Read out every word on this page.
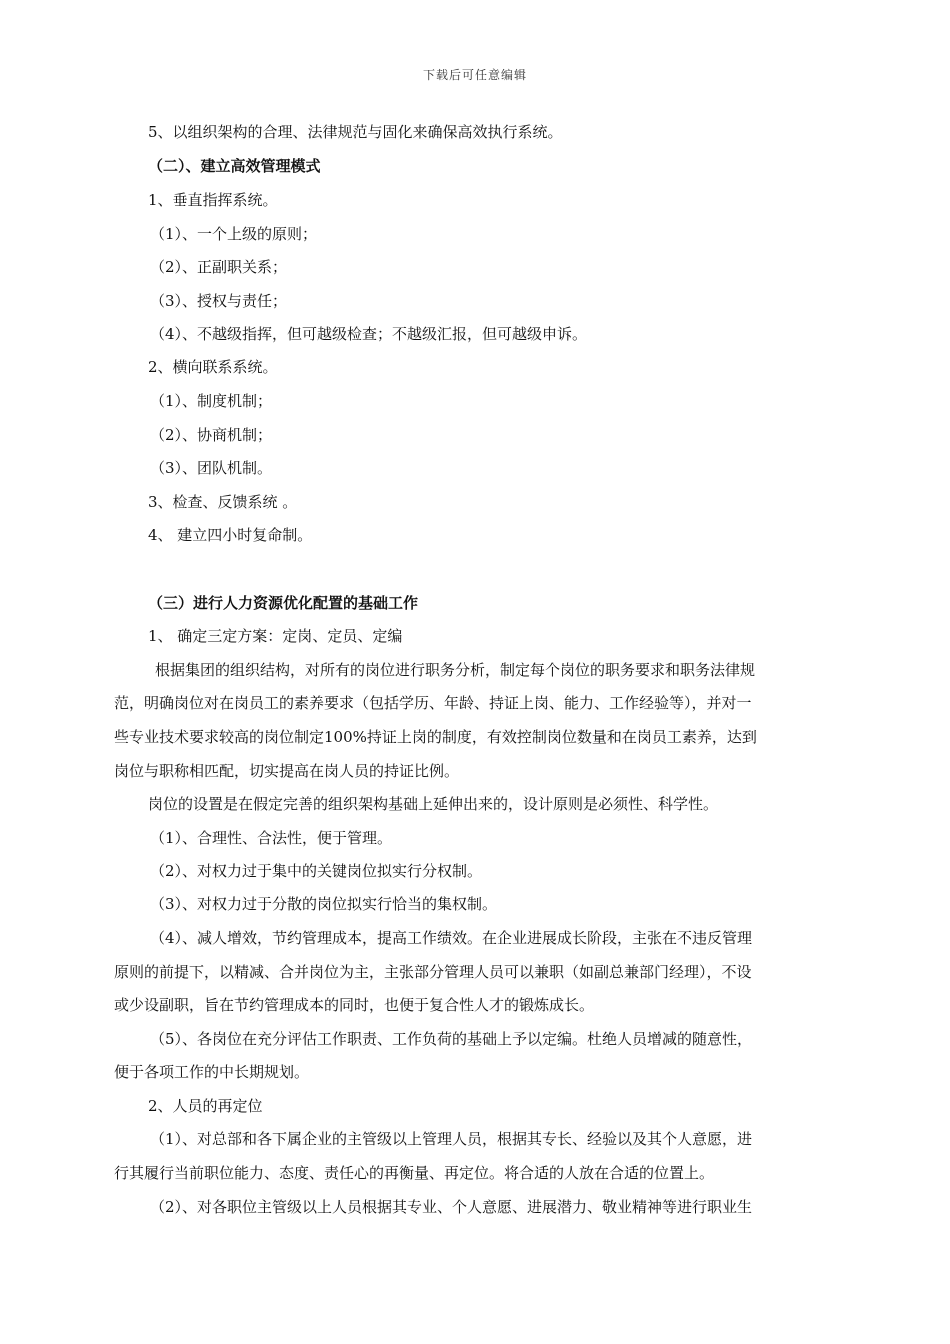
下载后可任意编辑
5、以组织架构的合理、法律规范与固化来确保高效执行系统。
（二）、建立高效管理模式
1、垂直指挥系统。
（1）、一个上级的原则；
（2）、正副职关系；
（3）、授权与责任；
（4）、不越级指挥，但可越级检查；不越级汇报，但可越级申诉。
2、横向联系系统。
（1）、制度机制；
（2）、协商机制；
（3）、团队机制。
3、检查、反馈系统 。
4、 建立四小时复命制。
（三）进行人力资源优化配置的基础工作
1、 确定三定方案：定岗、定员、定编
根据集团的组织结构，对所有的岗位进行职务分析，制定每个岗位的职务要求和职务法律规
范，明确岗位对在岗员工的素养要求（包括学历、年龄、持证上岗、能力、工作经验等），并对一
些专业技术要求较高的岗位制定100%持证上岗的制度，有效控制岗位数量和在岗员工素养，达到
岗位与职称相匹配，切实提高在岗人员的持证比例。
岗位的设置是在假定完善的组织架构基础上延伸出来的，设计原则是必须性、科学性。
（1）、合理性、合法性，便于管理。
（2）、对权力过于集中的关键岗位拟实行分权制。
（3）、对权力过于分散的岗位拟实行恰当的集权制。
（4）、减人增效，节约管理成本，提高工作绩效。在企业进展成长阶段，主张在不违反管理
原则的前提下，以精减、合并岗位为主，主张部分管理人员可以兼职（如副总兼部门经理），不设
或少设副职，旨在节约管理成本的同时，也便于复合性人才的锻炼成长。
（5）、各岗位在充分评估工作职责、工作负荷的基础上予以定编。杜绝人员增减的随意性，
便于各项工作的中长期规划。
2、人员的再定位
（1）、对总部和各下属企业的主管级以上管理人员，根据其专长、经验以及其个人意愿，进
行其履行当前职位能力、态度、责任心的再衡量、再定位。将合适的人放在合适的位置上。
（2）、对各职位主管级以上人员根据其专业、个人意愿、进展潜力、敬业精神等进行职业生
